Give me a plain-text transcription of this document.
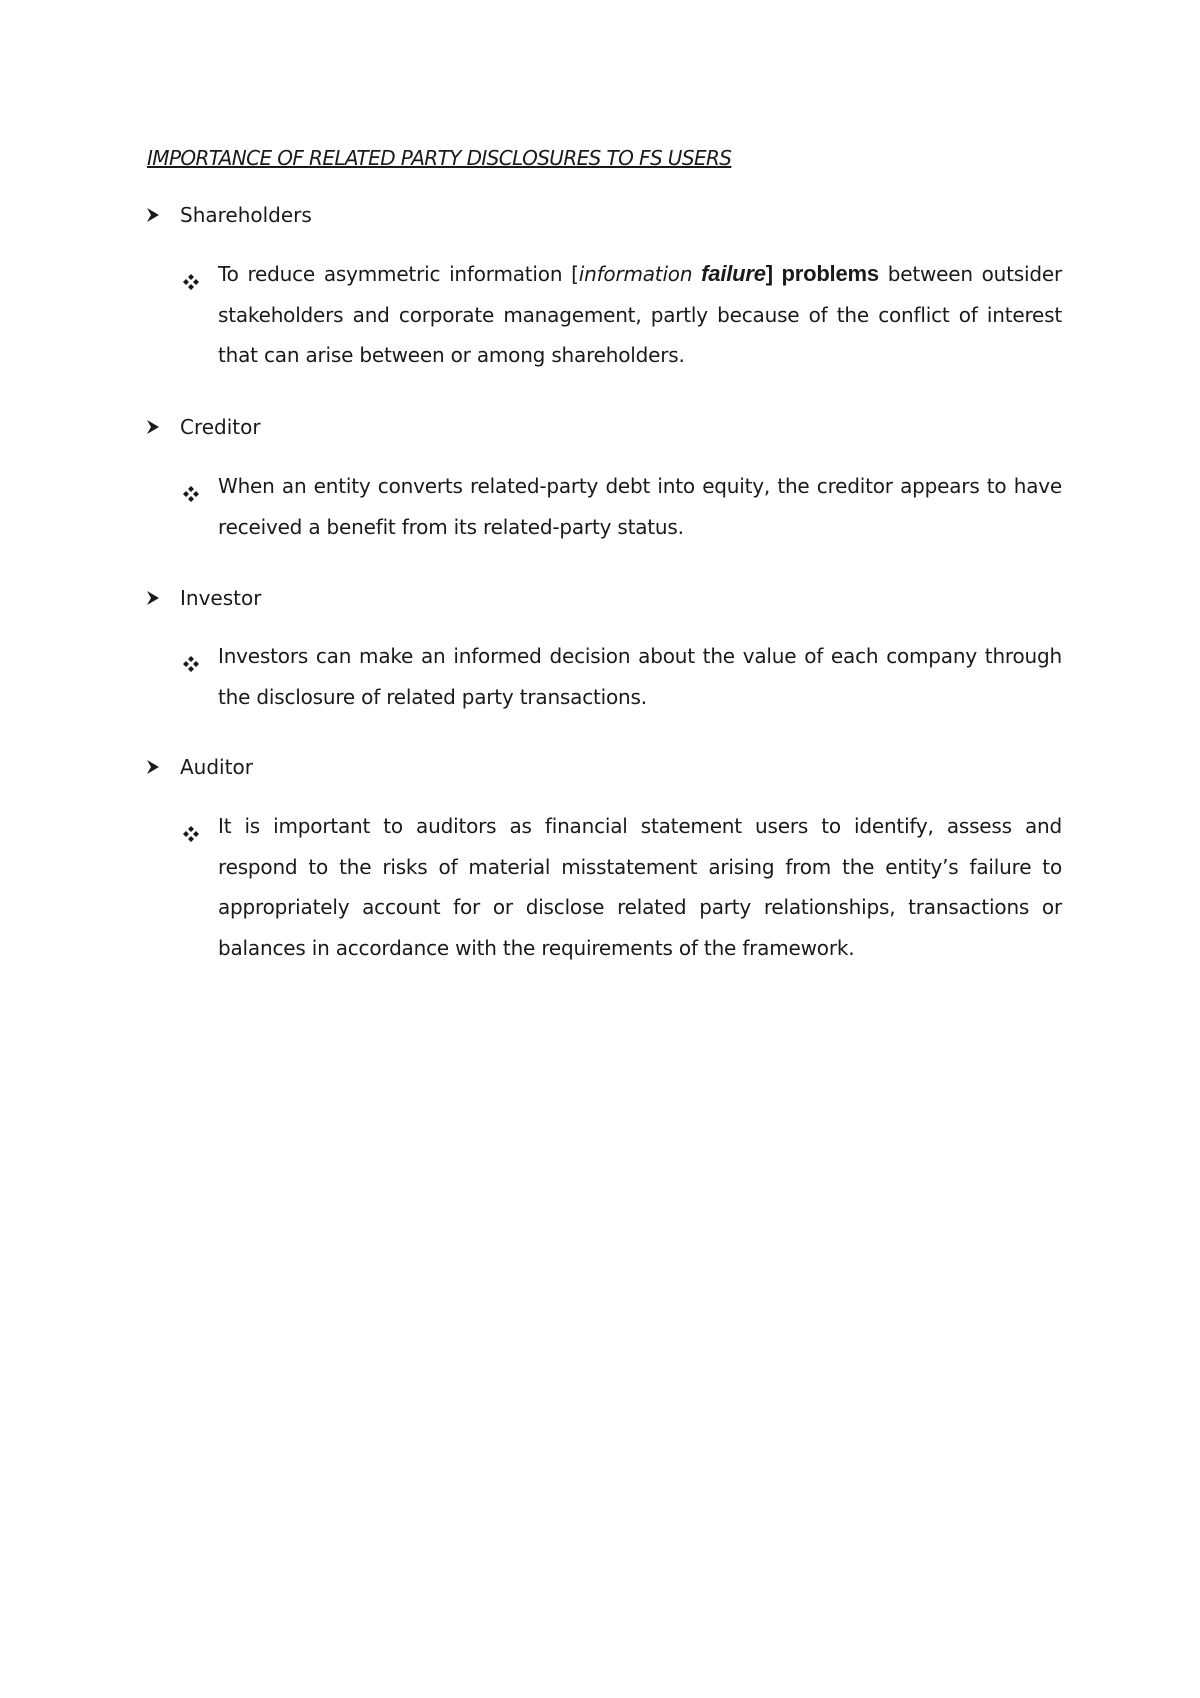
IMPORTANCE OF RELATED PARTY DISCLOSURES TO FS USERS
Shareholders
To reduce asymmetric information [information failure] problems between outsider stakeholders and corporate management, partly because of the conflict of interest that can arise between or among shareholders.
Creditor
When an entity converts related-party debt into equity, the creditor appears to have received a benefit from its related-party status.
Investor
Investors can make an informed decision about the value of each company through the disclosure of related party transactions.
Auditor
It is important to auditors as financial statement users to identify, assess and respond to the risks of material misstatement arising from the entity’s failure to appropriately account for or disclose related party relationships, transactions or balances in accordance with the requirements of the framework.
